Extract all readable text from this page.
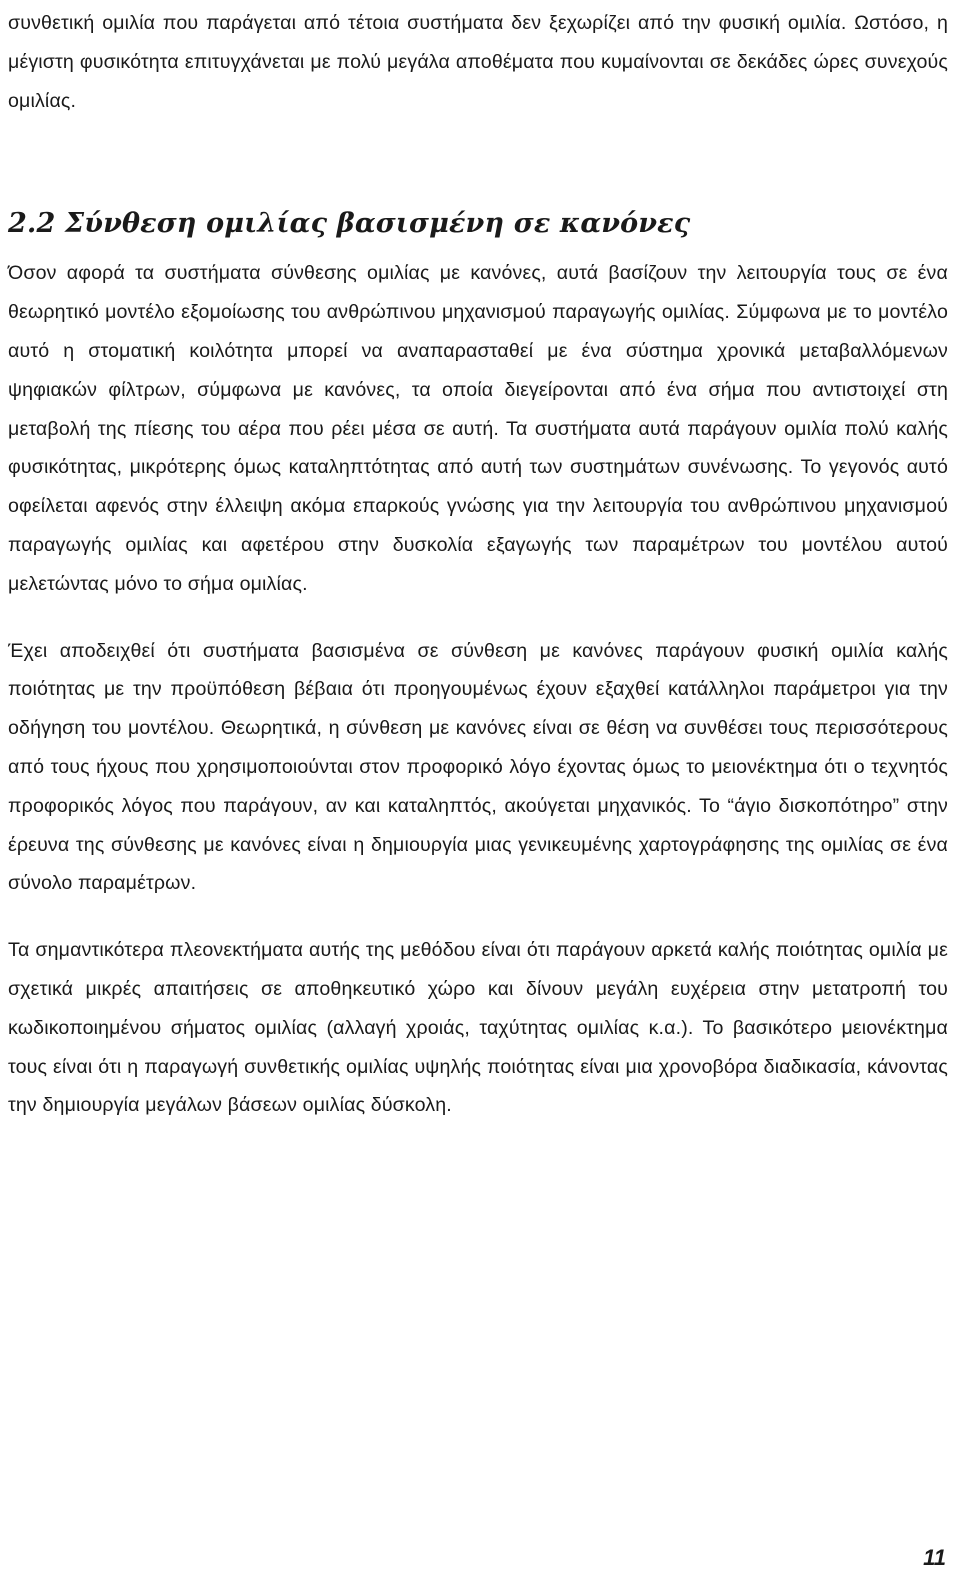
συνθετική ομιλία που παράγεται από τέτοια συστήματα δεν ξεχωρίζει από την φυσική ομιλία. Ωστόσο, η μέγιστη φυσικότητα επιτυγχάνεται με πολύ μεγάλα αποθέματα που κυμαίνονται σε δεκάδες ώρες συνεχούς ομιλίας.

2.2 Σύνθεση ομιλίας βασισμένη σε κανόνες

Όσον αφορά τα συστήματα σύνθεσης ομιλίας με κανόνες, αυτά βασίζουν την λειτουργία τους σε ένα θεωρητικό μοντέλο εξομοίωσης του ανθρώπινου μηχανισμού παραγωγής ομιλίας. Σύμφωνα με το μοντέλο αυτό η στοματική κοιλότητα μπορεί να αναπαρασταθεί με ένα σύστημα χρονικά μεταβαλλόμενων ψηφιακών φίλτρων, σύμφωνα με κανόνες, τα οποία διεγείρονται από ένα σήμα που αντιστοιχεί στη μεταβολή της πίεσης του αέρα που ρέει μέσα σε αυτή. Τα συστήματα αυτά παράγουν ομιλία πολύ καλής φυσικότητας, μικρότερης όμως καταληπτότητας από αυτή των συστημάτων συνένωσης. Το γεγονός αυτό οφείλεται αφενός στην έλλειψη ακόμα επαρκούς γνώσης για την λειτουργία του ανθρώπινου μηχανισμού παραγωγής ομιλίας και αφετέρου στην δυσκολία εξαγωγής των παραμέτρων του μοντέλου αυτού μελετώντας μόνο το σήμα ομιλίας.

Έχει αποδειχθεί ότι συστήματα βασισμένα σε σύνθεση με κανόνες παράγουν φυσική ομιλία καλής ποιότητας με την προϋπόθεση βέβαια ότι προηγουμένως έχουν εξαχθεί κατάλληλοι παράμετροι για την οδήγηση του μοντέλου. Θεωρητικά, η σύνθεση με κανόνες είναι σε θέση να συνθέσει τους περισσότερους από τους ήχους που χρησιμοποιούνται στον προφορικό λόγο έχοντας όμως το μειονέκτημα ότι ο τεχνητός προφορικός λόγος που παράγουν, αν και καταληπτός, ακούγεται μηχανικός. Το “άγιο δισκοπότηρο” στην έρευνα της σύνθεσης με κανόνες είναι η δημιουργία μιας γενικευμένης χαρτογράφησης της ομιλίας σε ένα σύνολο παραμέτρων.

Τα σημαντικότερα πλεονεκτήματα αυτής της μεθόδου είναι ότι παράγουν αρκετά καλής ποιότητας ομιλία με σχετικά μικρές απαιτήσεις σε αποθηκευτικό χώρο και δίνουν μεγάλη ευχέρεια στην μετατροπή του κωδικοποιημένου σήματος ομιλίας (αλλαγή χροιάς, ταχύτητας ομιλίας κ.α.). Το βασικότερο μειονέκτημα τους είναι ότι η παραγωγή συνθετικής ομιλίας υψηλής ποιότητας είναι μια χρονοβόρα διαδικασία, κάνοντας την δημιουργία μεγάλων βάσεων ομιλίας δύσκολη.

11
